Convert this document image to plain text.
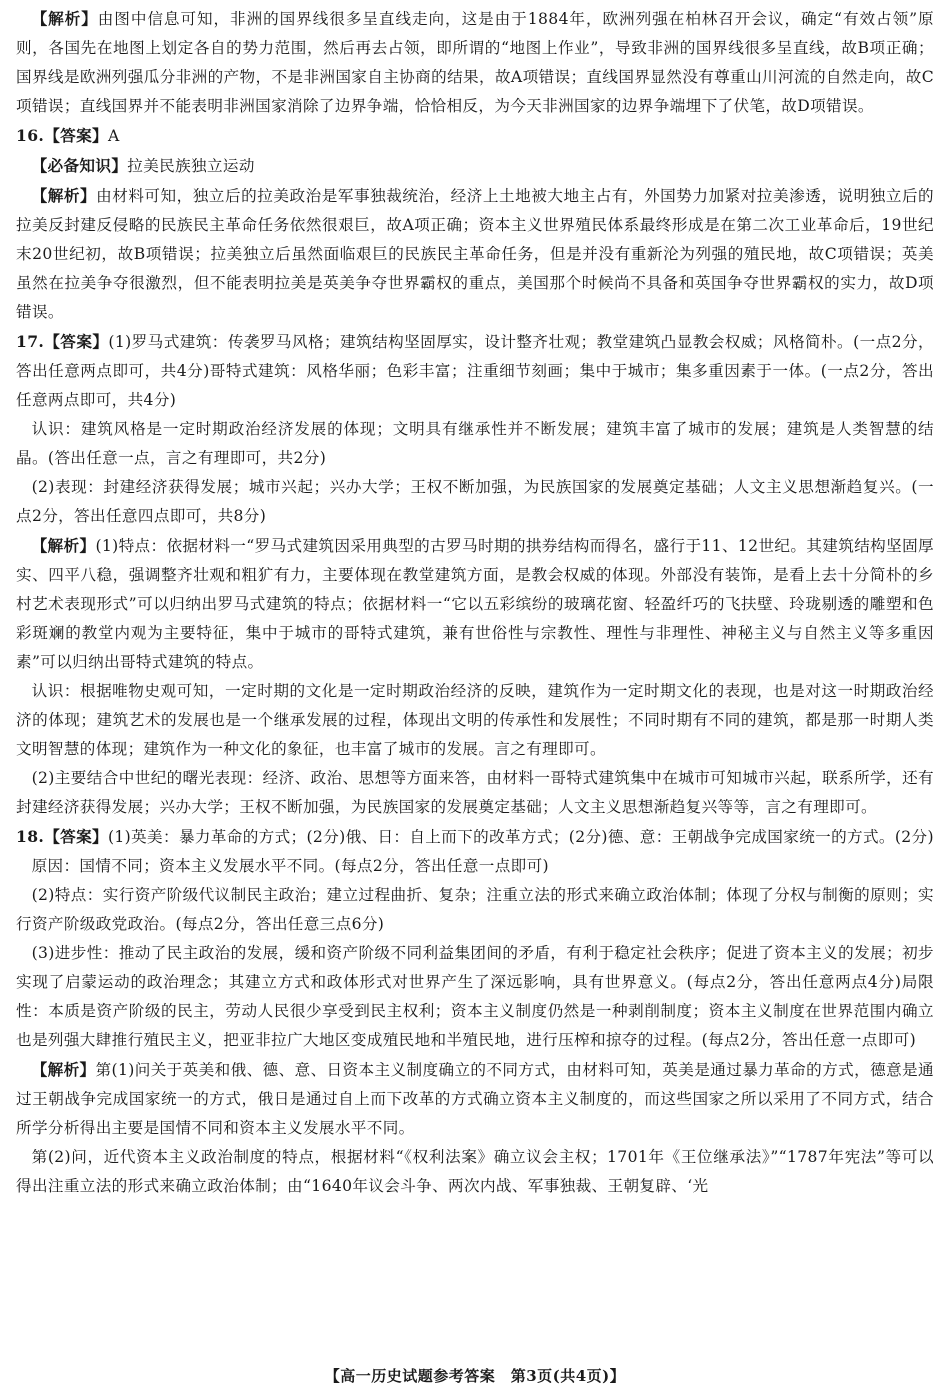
【解析】由图中信息可知，非洲的国界线很多呈直线走向，这是由于1884年，欧洲列强在柏林召开会议，确定“有效占领”原则，各国先在地图上划定各自的势力范围，然后再去占领，即所谓的“地图上作业”，导致非洲的国界线很多呈直线，故B项正确；国界线是欧洲列强瓜分非洲的产物，不是非洲国家自主协商的结果，故A项错误；直线国界显然没有尊重山川河流的自然走向，故C项错误；直线国界并不能表明非洲国家消除了边界争端，恰恰相反，为今天非洲国家的边界争端埋下了伏笔，故D项错误。

16.【答案】A

【必备知识】拉美民族独立运动

【解析】由材料可知，独立后的拉美政治是军事独裁统治，经济上土地被大地主占有，外国势力加紧对拉美渗透，说明独立后的拉美反封建反侵略的民族民主革命任务依然很艰巨，故A项正确；资本主义世界殖民体系最终形成是在第二次工业革命后，19世纪末20世纪初，故B项错误；拉美独立后虽然面临艰巨的民族民主革命任务，但是并没有重新沦为列强的殖民地，故C项错误；英美虽然在拉美争夺很激烈，但不能表明拉美是英美争夺世界霸权的重点，美国那个时候尚不具备和英国争夺世界霸权的实力，故D项错误。

17.【答案】(1)罗马式建筑：传袭罗马风格；建筑结构坚固厚实，设计整齐壮观；教堂建筑凸显教会权威；风格简朴。(一点2分，答出任意两点即可，共4分)哥特式建筑：风格华丽；色彩丰富；注重细节刻画；集中于城市；集多重因素于一体。(一点2分，答出任意两点即可，共4分)

认识：建筑风格是一定时期政治经济发展的体现；文明具有继承性并不断发展；建筑丰富了城市的发展；建筑是人类智慧的结晶。(答出任意一点，言之有理即可，共2分)

(2)表现：封建经济获得发展；城市兴起；兴办大学；王权不断加强，为民族国家的发展奠定基础；人文主义思想渐趋复兴。(一点2分，答出任意四点即可，共8分)

【解析】(1)特点：依据材料一“罗马式建筑因采用典型的古罗马时期的拱券结构而得名，盛行于11、12世纪。其建筑结构坚固厚实、四平八稳，强调整齐壮观和粗犷有力，主要体现在教堂建筑方面，是教会权威的体现。外部没有装饰，是看上去十分简朴的乡村艺术表现形式”可以归纳出罗马式建筑的特点；依据材料一“它以五彩缤纷的玻璃花窗、轻盈纤巧的飞扶壁、玲珑剔透的雕塑和色彩斑斓的教堂内观为主要特征，集中于城市的哥特式建筑，兼有世俗性与宗教性、理性与非理性、神秘主义与自然主义等多重因素”可以归纳出哥特式建筑的特点。

认识：根据唯物史观可知，一定时期的文化是一定时期政治经济的反映，建筑作为一定时期文化的表现，也是对这一时期政治经济的体现；建筑艺术的发展也是一个继承发展的过程，体现出文明的传承性和发展性；不同时期有不同的建筑，都是那一时期人类文明智慧的体现；建筑作为一种文化的象征，也丰富了城市的发展。言之有理即可。

(2)主要结合中世纪的曙光表现：经济、政治、思想等方面来答，由材料一哥特式建筑集中在城市可知城市兴起，联系所学，还有封建经济获得发展；兴办大学；王权不断加强，为民族国家的发展奠定基础；人文主义思想渐趋复兴等等，言之有理即可。

18.【答案】(1)英美：暴力革命的方式；(2分)俄、日：自上而下的改革方式；(2分)德、意：王朝战争完成国家统一的方式。(2分)

原因：国情不同；资本主义发展水平不同。(每点2分，答出任意一点即可)

(2)特点：实行资产阶级代议制民主政治；建立过程曲折、复杂；注重立法的形式来确立政治体制；体现了分权与制衡的原则；实行资产阶级政党政治。(每点2分，答出任意三点6分)

(3)进步性：推动了民主政治的发展，缓和资产阶级不同利益集团间的矛盾，有利于稳定社会秩序；促进了资本主义的发展；初步实现了启蒙运动的政治理念；其建立方式和政体形式对世界产生了深远影响，具有世界意义。(每点2分，答出任意两点4分)局限性：本质是资产阶级的民主，劳动人民很少享受到民主权利；资本主义制度仍然是一种剥削制度；资本主义制度在世界范围内确立也是列强大肆推行殖民主义，把亚非拉广大地区变成殖民地和半殖民地，进行压榨和掠夺的过程。(每点2分，答出任意一点即可)

【解析】第(1)问关于英美和俄、德、意、日资本主义制度确立的不同方式，由材料可知，英美是通过暴力革命的方式，德意是通过王朝战争完成国家统一的方式，俄日是通过自上而下改革的方式确立资本主义制度的，而这些国家之所以采用了不同方式，结合所学分析得出主要是国情不同和资本主义发展水平不同。

第(2)问，近代资本主义政治制度的特点，根据材料“《权利法案》确立议会主权；1701年《王位继承法》”“1787年宪法”等可以得出注重立法的形式来确立政治体制；由“1640年议会斗争、两次内战、军事独裁、王朝复辟、‘光

【高一历史试题参考答案　第3页(共4页)】
